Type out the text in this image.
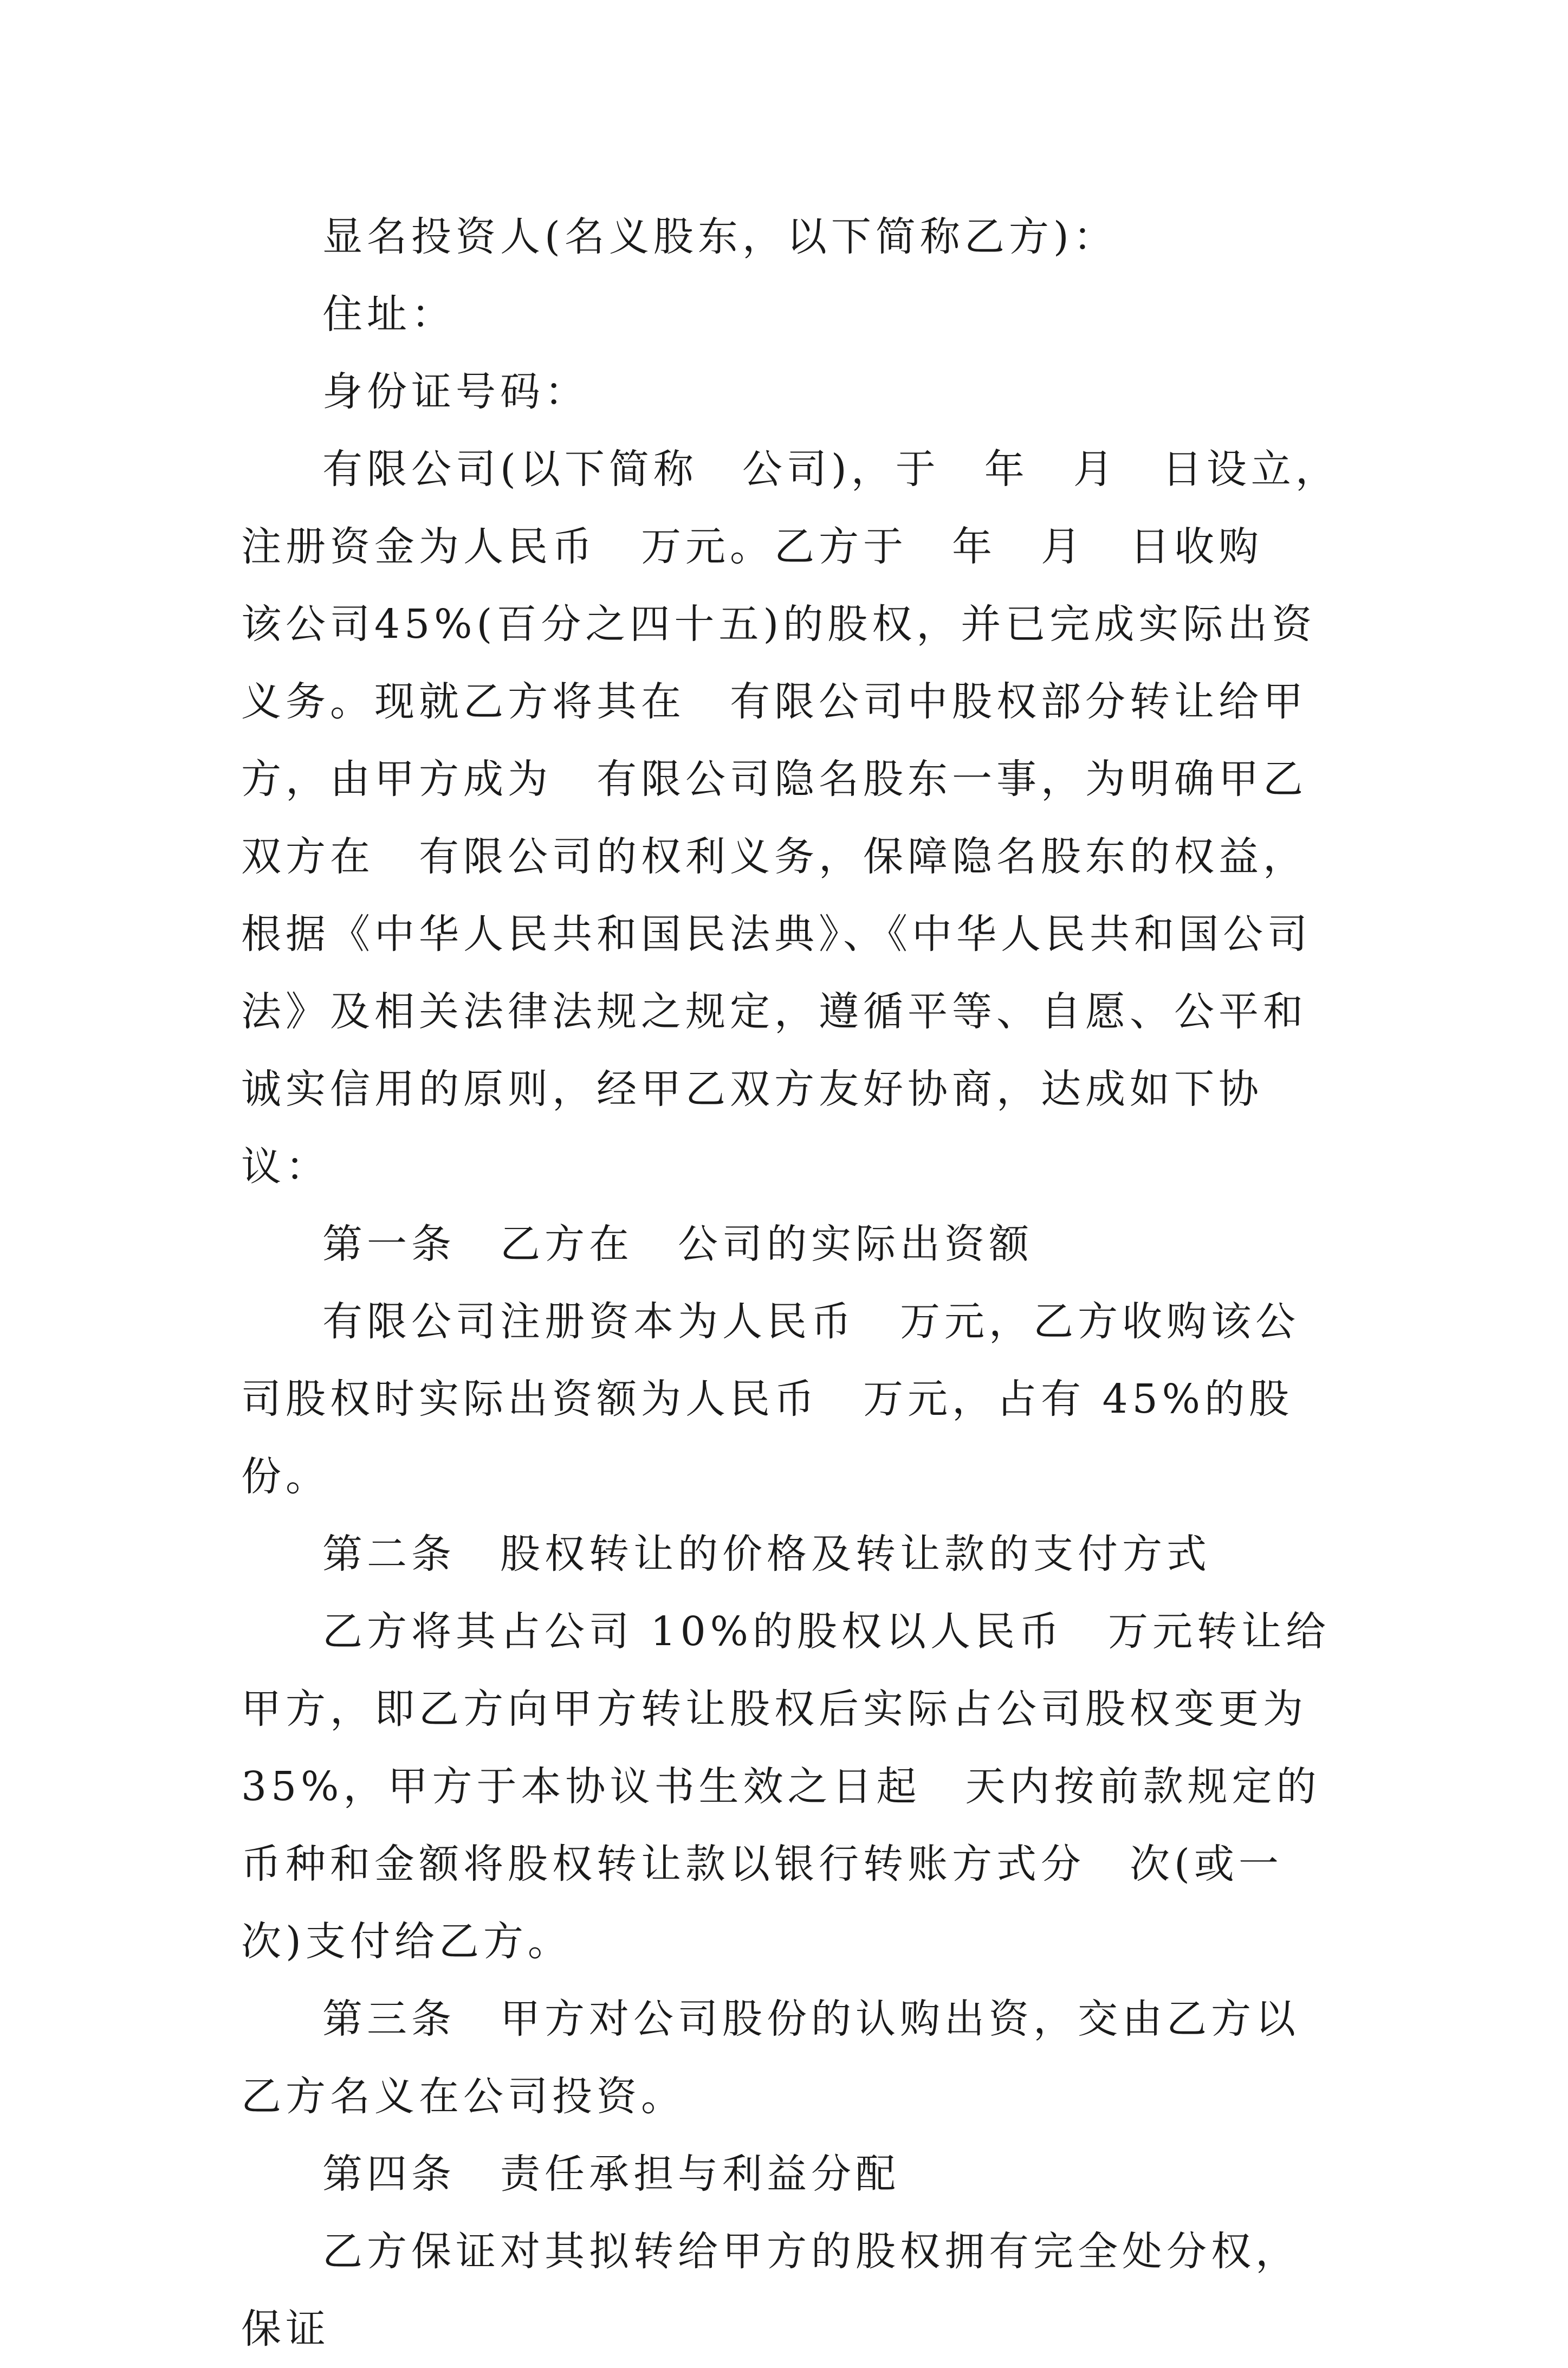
显名投资人(名义股东，以下简称乙方)：

住址：

身份证号码：

有限公司(以下简称　公司)，于　年　月　日设立，注册资金为人民币　万元。乙方于　年　月　日收购　该公司45%(百分之四十五)的股权，并已完成实际出资义务。现就乙方将其在　有限公司中股权部分转让给甲方，由甲方成为　有限公司隐名股东一事，为明确甲乙双方在　有限公司的权利义务，保障隐名股东的权益，根据《中华人民共和国民法典》、《中华人民共和国公司法》及相关法律法规之规定，遵循平等、自愿、公平和诚实信用的原则，经甲乙双方友好协商，达成如下协议：

第一条　乙方在　公司的实际出资额

有限公司注册资本为人民币　万元，乙方收购该公司股权时实际出资额为人民币　万元，占有 45%的股份。

第二条　股权转让的价格及转让款的支付方式

乙方将其占公司 10%的股权以人民币　万元转让给甲方，即乙方向甲方转让股权后实际占公司股权变更为 35%，甲方于本协议书生效之日起　天内按前款规定的币种和金额将股权转让款以银行转账方式分　次(或一次)支付给乙方。

第三条　甲方对公司股份的认购出资，交由乙方以乙方名义在公司投资。

第四条　责任承担与利益分配

乙方保证对其拟转给甲方的股权拥有完全处分权，保证
